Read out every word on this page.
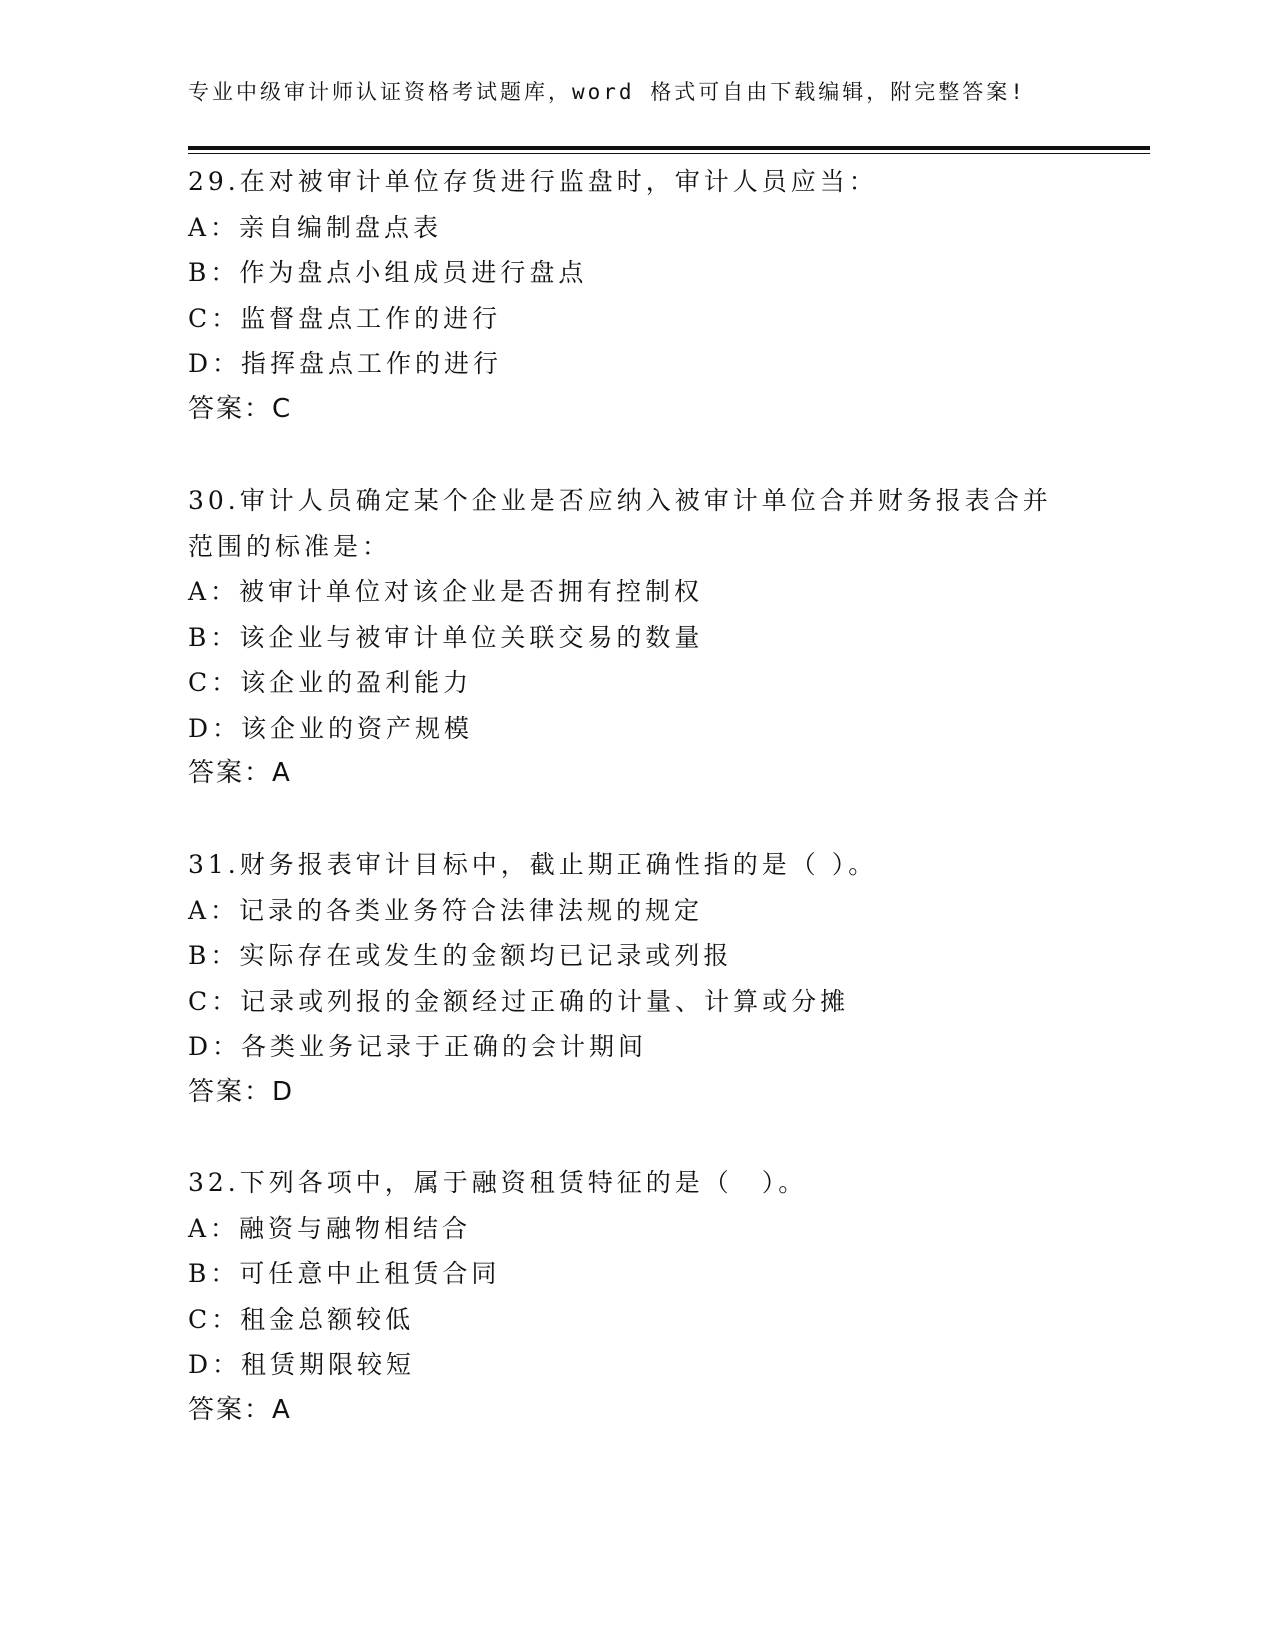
专业中级审计师认证资格考试题库，word 格式可自由下载编辑，附完整答案!
29.在对被审计单位存货进行监盘时，审计人员应当：
A：亲自编制盘点表
B：作为盘点小组成员进行盘点
C：监督盘点工作的进行
D：指挥盘点工作的进行
答案：C
30.审计人员确定某个企业是否应纳入被审计单位合并财务报表合并范围的标准是：
A：被审计单位对该企业是否拥有控制权
B：该企业与被审计单位关联交易的数量
C：该企业的盈利能力
D：该企业的资产规模
答案：A
31.财务报表审计目标中，截止期正确性指的是（ ）。
A：记录的各类业务符合法律法规的规定
B：实际存在或发生的金额均已记录或列报
C：记录或列报的金额经过正确的计量、计算或分摊
D：各类业务记录于正确的会计期间
答案：D
32.下列各项中，属于融资租赁特征的是（　）。
A：融资与融物相结合
B：可任意中止租赁合同
C：租金总额较低
D：租赁期限较短
答案：A
